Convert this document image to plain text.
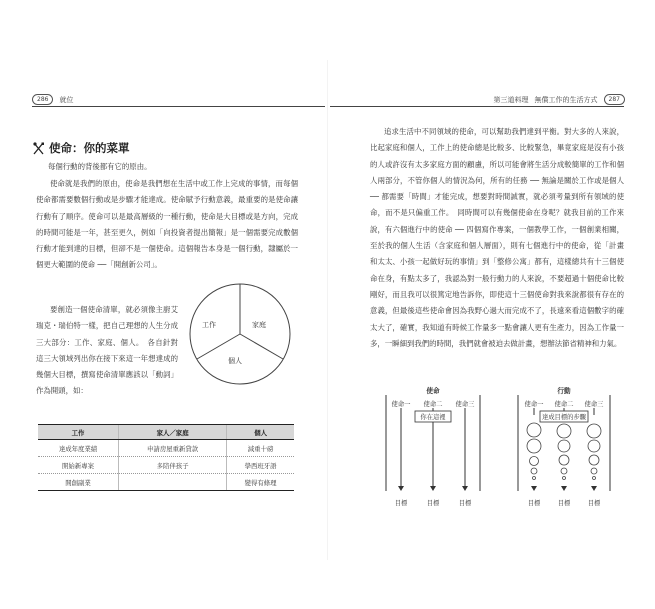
286	就位
使命：你的菜單
每個行動的背後都有它的原由。
使命就是我們的原由，使命是我們想在生活中或工作上完成的事情，而每個使命都需要數個行動或是步驟才能達成。使命賦予行動意義，最重要的是使命讓行動有了順序。使命可以是最高層級的一種行動，使命是大目標或是方向，完成的時間可能是一年，甚至更久，例如「向投資者提出簡報」是一個需要完成數個行動才能到達的目標，但卻不是一個使命。這個報告本身是一個行動，隸屬於一個更大範圍的使命 ──「開創新公司」。
要創造一個使命清單，就必須像主廚艾瑞克・瑞伯特一樣，把自己理想的人生分成三大部分：工作、家庭、個人。　各自針對這三大領域列出你在接下來這一年想達成的幾個大目標，撰寫使命清單應該以「動詞」作為開頭，如：
工作	家庭
個人
工作	家人／家庭	個人
達成年度業績	申請房屋重新貸款	減重十磅
開始新專案	多陪伴孩子	學西班牙語
開創副業		變得有條理
第三道料理 無償工作的生活方式	287
追求生活中不同領域的使命，可以幫助我們達到平衡。對大多的人來說，比起家庭和個人，工作上的使命總是比較多、比較緊急，畢竟家庭是沒有小孩的人或許沒有太多家庭方面的顧慮，所以可能會將生活分成較簡單的工作和個人兩部分，不管你個人的情況為何，所有的任務 ── 無論是關於工作或是個人 ── 都需要「時間」才能完成，想要對時間誠實，就必須考量到所有領域的使命，而不是只偏重工作。　同時間可以有幾個使命在身呢？就我目前的工作來說，有六個進行中的使命 ── 四個寫作專案，一個教學工作，一個創業相關，至於我的個人生活（含家庭和個人層面），則有七個進行中的使命，從「計畫和太太、小孩一起做好玩的事情」到「整修公寓」都有，這樣總共有十三個使命在身，有點太多了，我認為對一般行動力的人來說，不要超過十個使命比較剛好，而且我可以很篤定地告訴你，即使這十三個使命對我來說都很有存在的意義，但最後這些使命會因為我野心過大而完成不了，長遠來看這個數字的確太大了，確實，我知道有時候工作量多一點會讓人更有生產力，因為工作量一多，一瞬細到我們的時間，我們就會被迫去做計畫，想辦法節省精神和力氣。
使命
使命一	使命二	使命三
你在這裡
目標	目標	目標
行動
使命一	使命二	使命三
達成目標的步驟
目標	目標	目標
